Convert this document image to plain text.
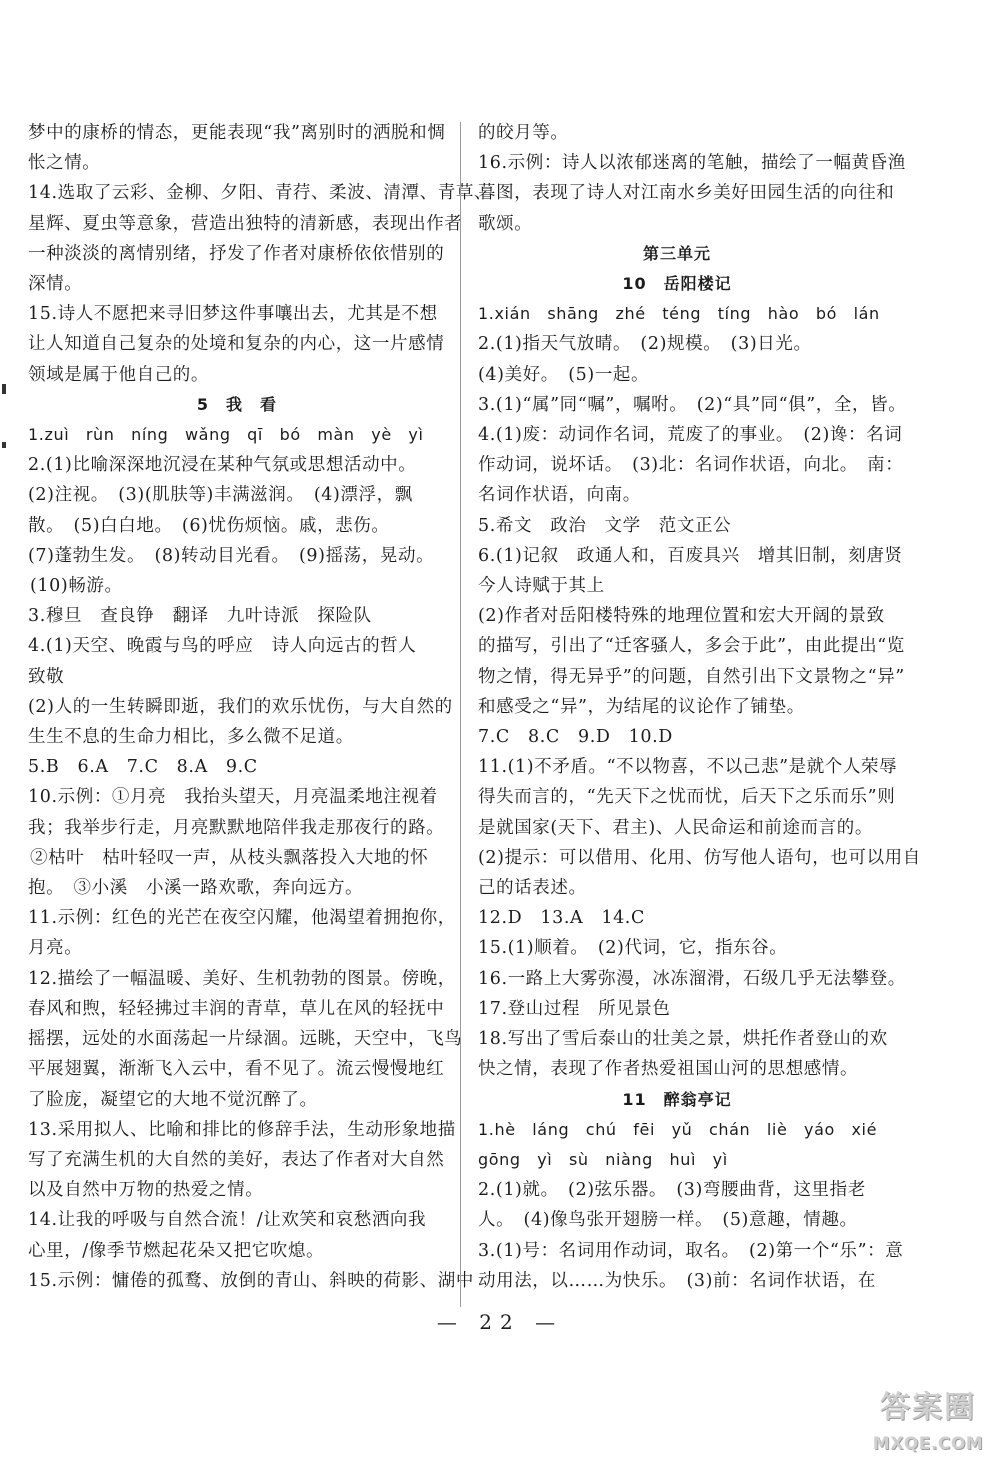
梦中的康桥的情态，更能表现“我”离别时的洒脱和惆

怅之情。

14.选取了云彩、金柳、夕阳、青荇、柔波、清潭、青草、

星辉、夏虫等意象，营造出独特的清新感，表现出作者

一种淡淡的离情别绪，抒发了作者对康桥依依惜别的

深情。

15.诗人不愿把来寻旧梦这件事嚷出去，尤其是不想

让人知道自己复杂的处境和复杂的内心，这一片感情

领域是属于他自己的。

5　我　看

1.zuì　rùn　níng　wǎng　qī　bó　màn　yè　yì

2.(1)比喻深深地沉浸在某种气氛或思想活动中。

(2)注视。　(3)(肌肤等)丰满滋润。　(4)漂浮，飘

散。　(5)白白地。　(6)忧伤烦恼。戚，悲伤。

(7)蓬勃生发。　(8)转动目光看。　(9)摇荡，晃动。

(10)畅游。

3.穆旦　查良铮　翻译　九叶诗派　探险队

4.(1)天空、晚霞与鸟的呼应　诗人向远古的哲人

致敬

(2)人的一生转瞬即逝，我们的欢乐忧伤，与大自然的

生生不息的生命力相比，多么微不足道。

5.B　6.A　7.C　8.A　9.C

10.示例：①月亮　我抬头望天，月亮温柔地注视着

我；我举步行走，月亮默默地陪伴我走那夜行的路。

②枯叶　枯叶轻叹一声，从枝头飘落投入大地的怀

抱。　③小溪　小溪一路欢歌，奔向远方。

11.示例：红色的光芒在夜空闪耀，他渴望着拥抱你，

月亮。

12.描绘了一幅温暖、美好、生机勃勃的图景。傍晚，

春风和煦，轻轻拂过丰润的青草，草儿在风的轻抚中

摇摆，远处的水面荡起一片绿涸。远眺，天空中，飞鸟

平展翅翼，渐渐飞入云中，看不见了。流云慢慢地红

了脸庞，凝望它的大地不觉沉醉了。

13.采用拟人、比喻和排比的修辞手法，生动形象地描

写了充满生机的大自然的美好，表达了作者对大自然

以及自然中万物的热爱之情。

14.让我的呼吸与自然合流！/让欢笑和哀愁洒向我

心里，/像季节燃起花朵又把它吹熄。

15.示例：慵倦的孤鹜、放倒的青山、斜映的荷影、湖中

的皎月等。

16.示例：诗人以浓郁迷离的笔触，描绘了一幅黄昏渔

暮图，表现了诗人对江南水乡美好田园生活的向往和

歌颂。

第三单元

10　岳阳楼记

1.xián　shāng　zhé　téng　tíng　hào　bó　lán

2.(1)指天气放晴。　(2)规模。　(3)日光。

(4)美好。　(5)一起。

3.(1)“属”同“嘱”，嘱咐。　(2)“具”同“俱”，全，皆。

4.(1)废：动词作名词，荒废了的事业。　(2)谗：名词

作动词，说坏话。　(3)北：名词作状语，向北。　南：

名词作状语，向南。

5.希文　政治　文学　范文正公

6.(1)记叙　政通人和，百废具兴　增其旧制，刻唐贤

今人诗赋于其上

(2)作者对岳阳楼特殊的地理位置和宏大开阔的景致

的描写，引出了“迁客骚人，多会于此”，由此提出“览

物之情，得无异乎”的问题，自然引出下文景物之“异”

和感受之“异”，为结尾的议论作了铺垫。

7.C　8.C　9.D　10.D

11.(1)不矛盾。“不以物喜，不以己悲”是就个人荣辱

得失而言的，“先天下之忧而忧，后天下之乐而乐”则

是就国家(天下、君主)、人民命运和前途而言的。

(2)提示：可以借用、化用、仿写他人语句，也可以用自

己的话表述。

12.D　13.A　14.C

15.(1)顺着。　(2)代词，它，指东谷。

16.一路上大雾弥漫，冰冻溜滑，石级几乎无法攀登。

17.登山过程　所见景色

18.写出了雪后泰山的壮美之景，烘托作者登山的欢

快之情，表现了作者热爱祖国山河的思想感情。

11　醉翁亭记

1.hè　láng　chú　fēi　yǔ　chán　liè　yáo　xié

gōng　yì　sù　niàng　huì　yì

2.(1)就。　(2)弦乐器。　(3)弯腰曲背，这里指老

人。　(4)像鸟张开翅膀一样。　(5)意趣，情趣。

3.(1)号：名词用作动词，取名。　(2)第一个“乐”：意

动用法，以……为快乐。　(3)前：名词作状语，在

— 22 —
答案圈
MXQE.COM
